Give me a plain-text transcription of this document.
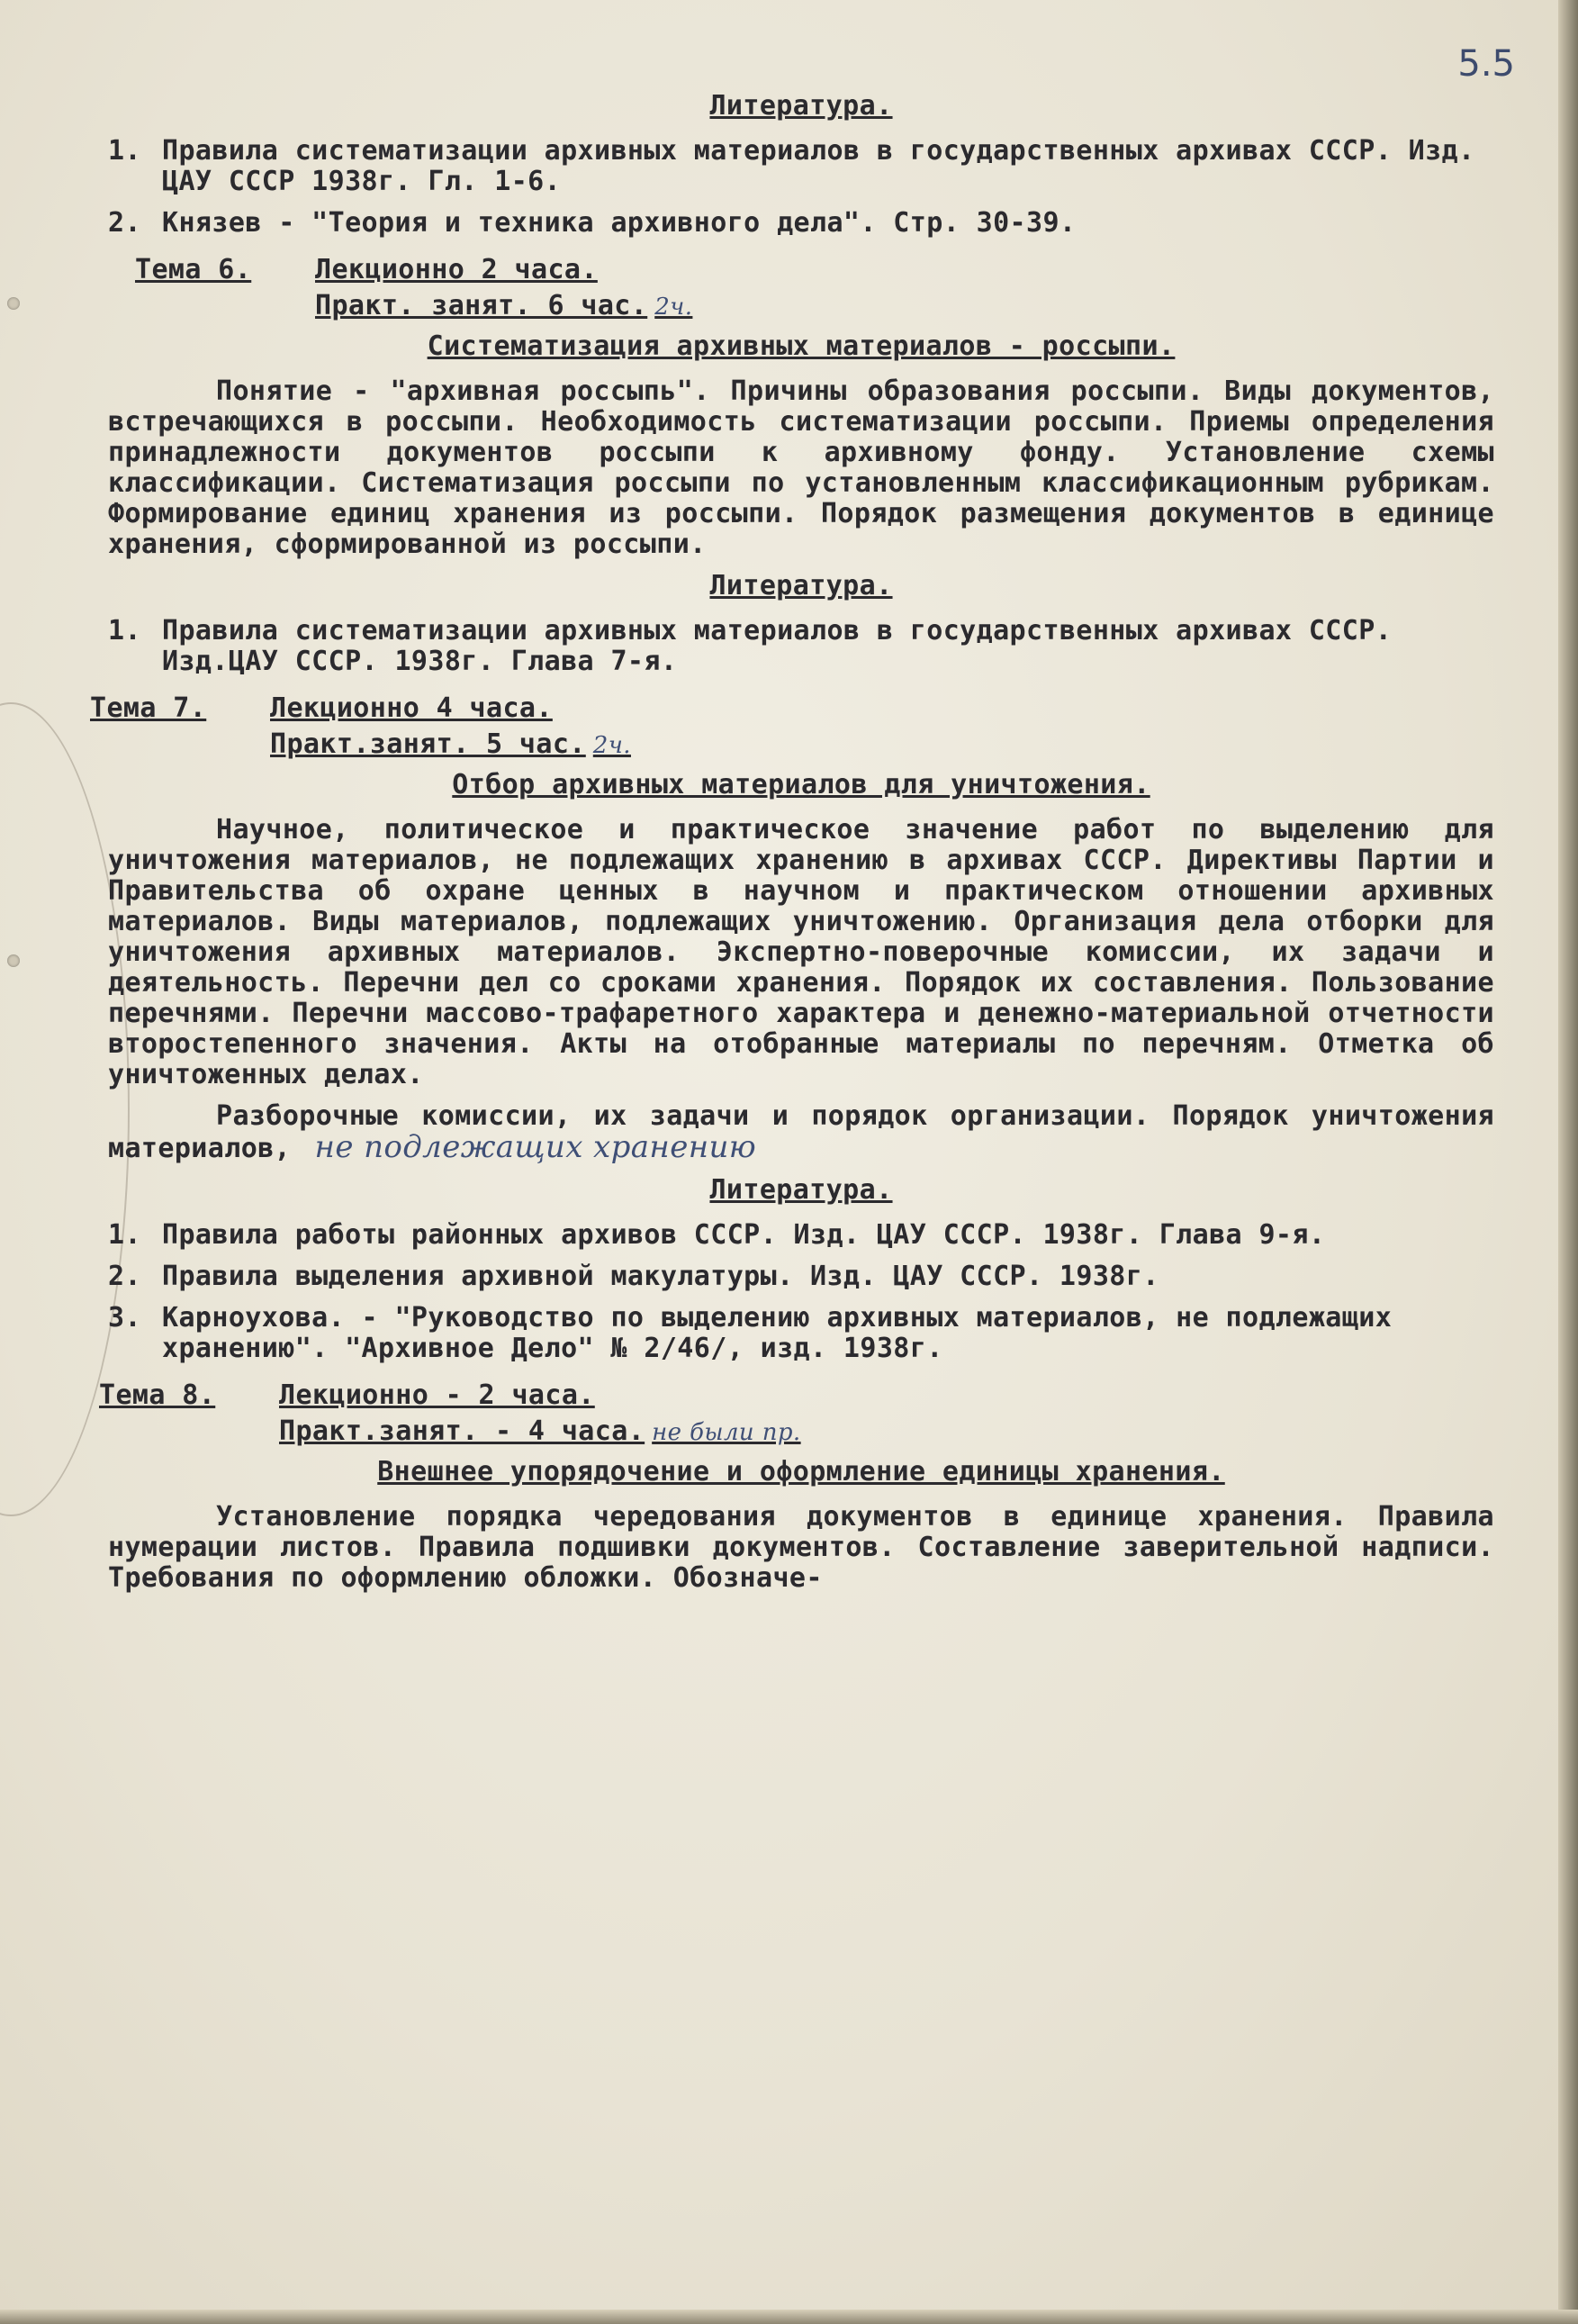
5.5
Литература.
1. Правила систематизации архивных материалов в государственных архивах СССР. Изд. ЦАУ СССР 1938г. Гл. 1-6.
2. Князев - "Теория и техника архивного дела". Стр. 30-39.
Тема 6.	Лекционно 2 часа.
Практ. занят. 6 час. 2ч.
Систематизация архивных материалов - россыпи.
Понятие - "архивная россыпь". Причины образования россыпи. Виды документов, встречающихся в россыпи. Необходимость систематизации россыпи. Приемы определения принадлежности документов россыпи к архивному фонду. Установление схемы классификации. Систематизация россыпи по установленным классификационным рубрикам. Формирование единиц хранения из россыпи. Порядок размещения документов в единице хранения, сформированной из россыпи.
Литература.
1. Правила систематизации архивных материалов в государственных архивах СССР. Изд.ЦАУ СССР. 1938г. Глава 7-я.
Тема 7.	Лекционно 4 часа.
Практ.занят. 5 час. 2ч.
Отбор архивных материалов для уничтожения.
Научное, политическое и практическое значение работ по выделению для уничтожения материалов, не подлежащих хранению в архивах СССР. Директивы Партии и Правительства об охране ценных в научном и практическом отношении архивных материалов. Виды материалов, подлежащих уничтожению. Организация дела отборки для уничтожения архивных материалов. Экспертно-поверочные комиссии, их задачи и деятельность. Перечни дел со сроками хранения. Порядок их составления. Пользование перечнями. Перечни массово-трафаретного характера и денежно-материальной отчетности второстепенного значения. Акты на отобранные материалы по перечням. Отметка об уничтоженных делах.
Разборочные комиссии, их задачи и порядок организации. Порядок уничтожения материалов, не подлежащих хранению
Литература.
1. Правила работы районных архивов СССР. Изд. ЦАУ СССР. 1938г. Глава 9-я.
2. Правила выделения архивной макулатуры. Изд. ЦАУ СССР. 1938г.
3. Карноухова. - "Руководство по выделению архивных материалов, не подлежащих хранению". "Архивное Дело" № 2/46/, изд. 1938г.
Тема 8.	Лекционно - 2 часа.
Практ.занят. - 4 часа. не были пр.
Внешнее упорядочение и оформление единицы хранения.
Установление порядка чередования документов в единице хранения. Правила нумерации листов. Правила подшивки документов. Составление заверительной надписи. Требования по оформлению обложки. Обозначе-
